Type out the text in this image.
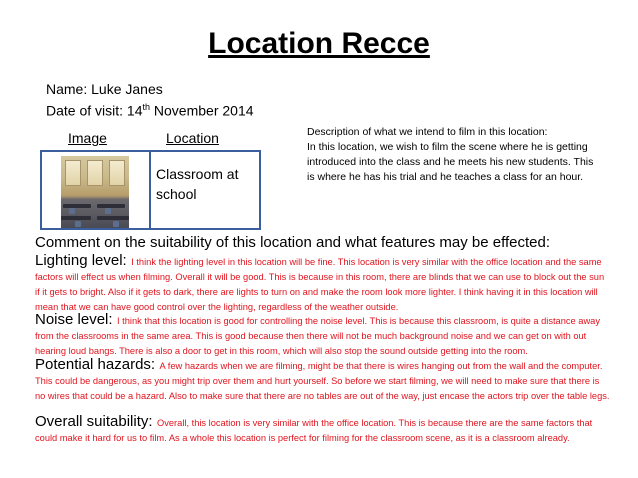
Location Recce
Name: Luke Janes
Date of visit: 14th November 2014
Image	Location
Classroom at school
Description of what we intend to film in this location:
In this location, we wish to film the scene where he is getting introduced into the class and he meets his new students. This is where he has his trial and he teaches a class for an hour.
Comment on the suitability of this location and what features may be effected:
Lighting level: I think the lighting level in this location will be fine. This location is very similar with the office location and the same factors will effect us when filming. Overall it will be good. This is because in this room, there are blinds that we can use to block out the sun if it gets to bright. Also if it gets to dark, there are lights to turn on and make the room look more lighter. I think having it in this location will mean that we can have good control over the lighting, regardless of the weather outside.
Noise level: I think that this location is good for controlling the noise level. This is because this classroom, is quite a distance away from the classrooms in the same area. This is good because then there will not be much background noise and we can get on with out hearing loud bangs. There is also a door to get in this room, which will also stop the sound outside getting into the room.
Potential hazards: A few hazards when we are filming, might be that there is wires hanging out from the wall and the computer. This could be dangerous, as you might trip over them and hurt yourself. So before we start filming, we will need to make sure that there is no wires that could be a hazard. Also to make sure that there are no tables are out of the way, just encase the actors trip over the table legs.
Overall suitability: Overall, this location is very similar with the office location. This is because there are the same factors that could make it hard for us to film. As a whole this location is perfect for filming for the classroom scene, as it is a classroom already.
